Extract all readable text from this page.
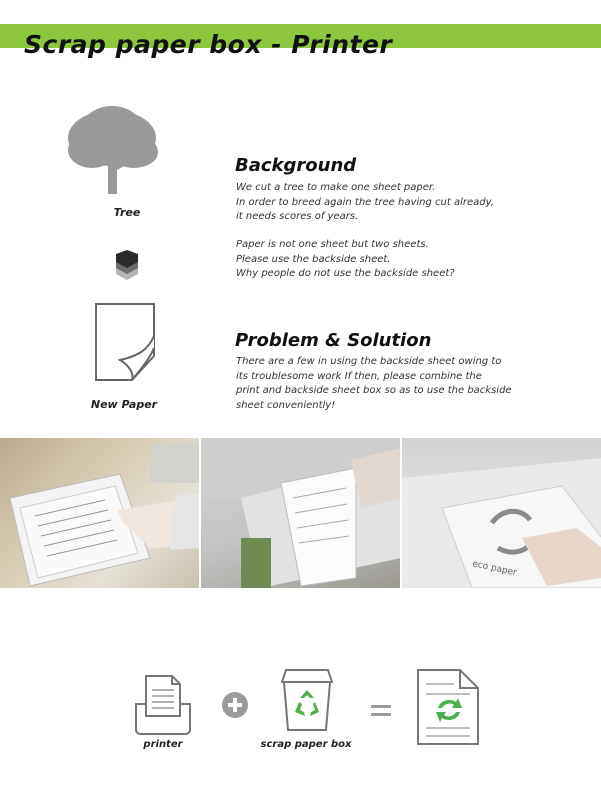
Scrap paper box - Printer
Tree
New Paper
Background
We cut a tree to make one sheet paper.
In order to breed again the tree having cut already,
it needs scores of years.
Paper is not one sheet but two sheets.
Please use the backside sheet.
Why people do not use the backside sheet?
Problem & Solution
There are a few in using the backside sheet owing to
its troublesome work If then, please combine the
print and backside sheet box so as to use the backside
sheet conveniently!
eco paper
printer	scrap paper box
